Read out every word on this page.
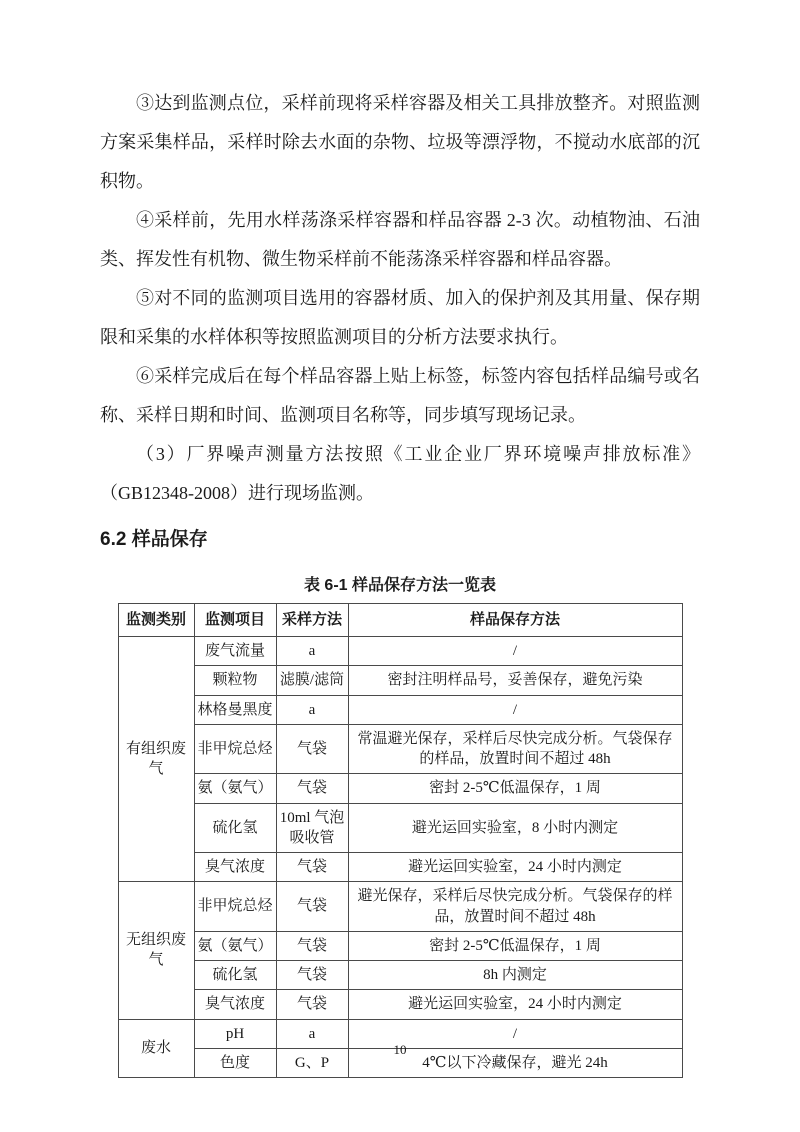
③达到监测点位，采样前现将采样容器及相关工具排放整齐。对照监测方案采集样品，采样时除去水面的杂物、垃圾等漂浮物，不搅动水底部的沉积物。

④采样前，先用水样荡涤采样容器和样品容器 2-3 次。动植物油、石油类、挥发性有机物、微生物采样前不能荡涤采样容器和样品容器。

⑤对不同的监测项目选用的容器材质、加入的保护剂及其用量、保存期限和采集的水样体积等按照监测项目的分析方法要求执行。

⑥采样完成后在每个样品容器上贴上标签，标签内容包括样品编号或名称、采样日期和时间、监测项目名称等，同步填写现场记录。

（3）厂界噪声测量方法按照《工业企业厂界环境噪声排放标准》（GB12348-2008）进行现场监测。

6.2 样品保存
表 6-1 样品保存方法一览表
监测类别	监测项目	采样方法	样品保存方法
有组织废气	废气流量	a	/
	颗粒物	滤膜/滤筒	密封注明样品号，妥善保存，避免污染
	林格曼黑度	a	/
	非甲烷总烃	气袋	常温避光保存，采样后尽快完成分析。气袋保存的样品，放置时间不超过 48h
	氨（氨气）	气袋	密封 2-5℃低温保存，1 周
	硫化氢	10ml 气泡吸收管	避光运回实验室，8 小时内测定
	臭气浓度	气袋	避光运回实验室，24 小时内测定
无组织废气	非甲烷总烃	气袋	避光保存，采样后尽快完成分析。气袋保存的样品，放置时间不超过 48h
	氨（氨气）	气袋	密封 2-5℃低温保存，1 周
	硫化氢	气袋	8h 内测定
	臭气浓度	气袋	避光运回实验室，24 小时内测定
废水	pH	a	/
	色度	G、P	4℃以下冷藏保存，避光 24h
10
